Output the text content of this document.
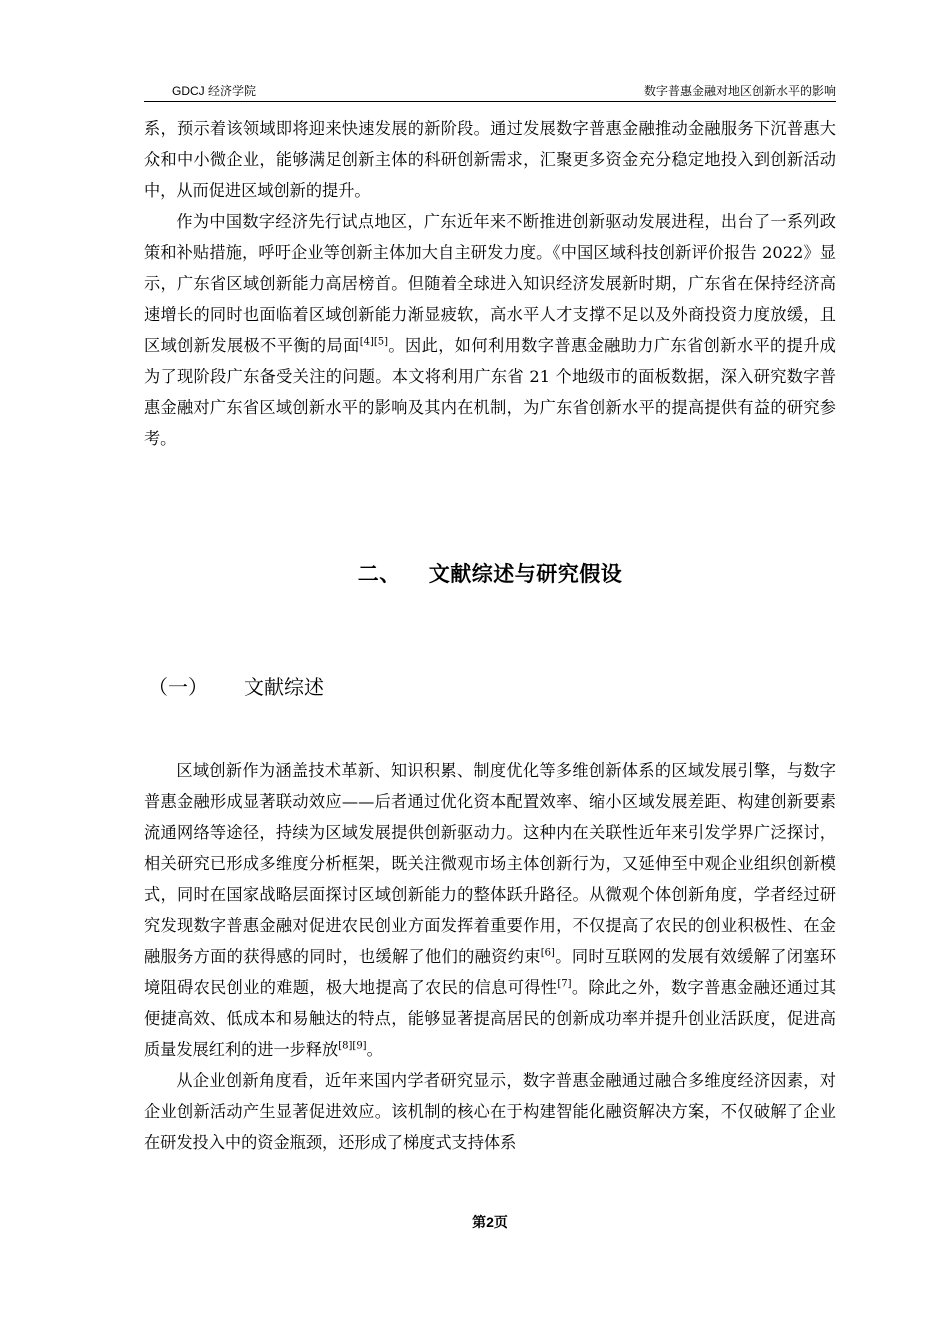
GDCJ 经济学院	数字普惠金融对地区创新水平的影响

系，预示着该领域即将迎来快速发展的新阶段。通过发展数字普惠金融推动金融服务下沉普惠大众和中小微企业，能够满足创新主体的科研创新需求，汇聚更多资金充分稳定地投入到创新活动中，从而促进区域创新的提升。

作为中国数字经济先行试点地区，广东近年来不断推进创新驱动发展进程，出台了一系列政策和补贴措施，呼吁企业等创新主体加大自主研发力度。《中国区域科技创新评价报告 2022》显示，广东省区域创新能力高居榜首。但随着全球进入知识经济发展新时期，广东省在保持经济高速增长的同时也面临着区域创新能力渐显疲软，高水平人才支撑不足以及外商投资力度放缓，且区域创新发展极不平衡的局面[4][5]。因此，如何利用数字普惠金融助力广东省创新水平的提升成为了现阶段广东备受关注的问题。本文将利用广东省 21 个地级市的面板数据，深入研究数字普惠金融对广东省区域创新水平的影响及其内在机制，为广东省创新水平的提高提供有益的研究参考。

二、 文献综述与研究假设
（一） 文献综述

区域创新作为涵盖技术革新、知识积累、制度优化等多维创新体系的区域发展引擎，与数字普惠金融形成显著联动效应——后者通过优化资本配置效率、缩小区域发展差距、构建创新要素流通网络等途径，持续为区域发展提供创新驱动力。这种内在关联性近年来引发学界广泛探讨，相关研究已形成多维度分析框架，既关注微观市场主体创新行为，又延伸至中观企业组织创新模式，同时在国家战略层面探讨区域创新能力的整体跃升路径。从微观个体创新角度，学者经过研究发现数字普惠金融对促进农民创业方面发挥着重要作用，不仅提高了农民的创业积极性、在金融服务方面的获得感的同时，也缓解了他们的融资约束[6]。同时互联网的发展有效缓解了闭塞环境阻碍农民创业的难题，极大地提高了农民的信息可得性[7]。除此之外，数字普惠金融还通过其便捷高效、低成本和易触达的特点，能够显著提高居民的创新成功率并提升创业活跃度，促进高质量发展红利的进一步释放[8][9]。

从企业创新角度看，近年来国内学者研究显示，数字普惠金融通过融合多维度经济因素，对企业创新活动产生显著促进效应。该机制的核心在于构建智能化融资解决方案，不仅破解了企业在研发投入中的资金瓶颈，还形成了梯度式支持体系

第2页
